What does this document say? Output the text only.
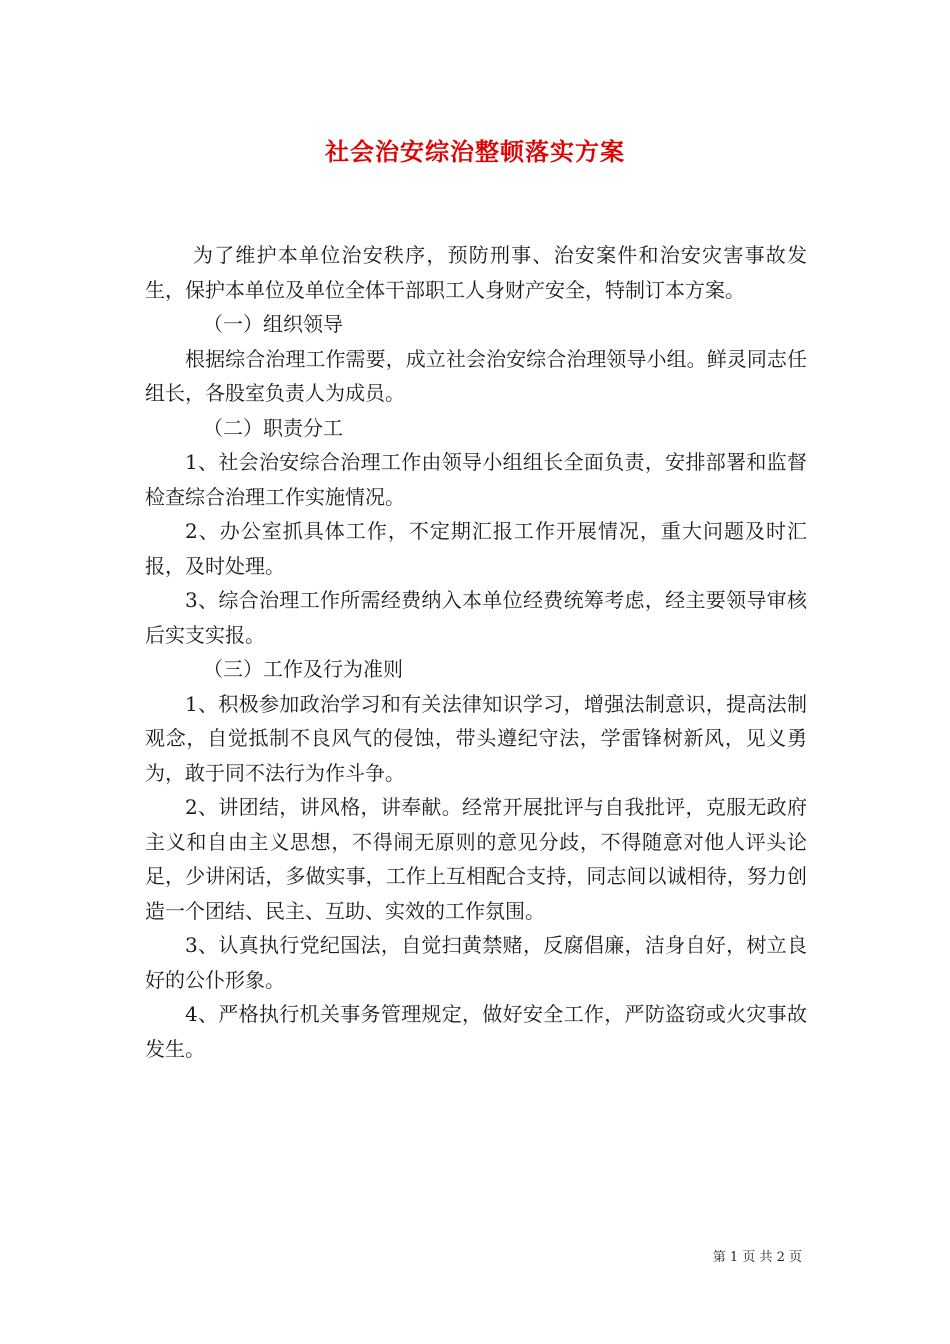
社会治安综治整顿落实方案

为了维护本单位治安秩序，预防刑事、治安案件和治安灾害事故发生，保护本单位及单位全体干部职工人身财产安全，特制订本方案。

（一）组织领导

根据综合治理工作需要，成立社会治安综合治理领导小组。鲜灵同志任组长，各股室负责人为成员。

（二）职责分工

1、社会治安综合治理工作由领导小组组长全面负责，安排部署和监督检查综合治理工作实施情况。

2、办公室抓具体工作，不定期汇报工作开展情况，重大问题及时汇报，及时处理。

3、综合治理工作所需经费纳入本单位经费统筹考虑，经主要领导审核后实支实报。

（三）工作及行为准则

1、积极参加政治学习和有关法律知识学习，增强法制意识，提高法制观念，自觉抵制不良风气的侵蚀，带头遵纪守法，学雷锋树新风，见义勇为，敢于同不法行为作斗争。

2、讲团结，讲风格，讲奉献。经常开展批评与自我批评，克服无政府主义和自由主义思想，不得闹无原则的意见分歧，不得随意对他人评头论足，少讲闲话，多做实事，工作上互相配合支持，同志间以诚相待，努力创造一个团结、民主、互助、实效的工作氛围。

3、认真执行党纪国法，自觉扫黄禁赌，反腐倡廉，洁身自好，树立良好的公仆形象。

4、严格执行机关事务管理规定，做好安全工作，严防盗窃或火灾事故发生。

第 1 页 共 2 页
